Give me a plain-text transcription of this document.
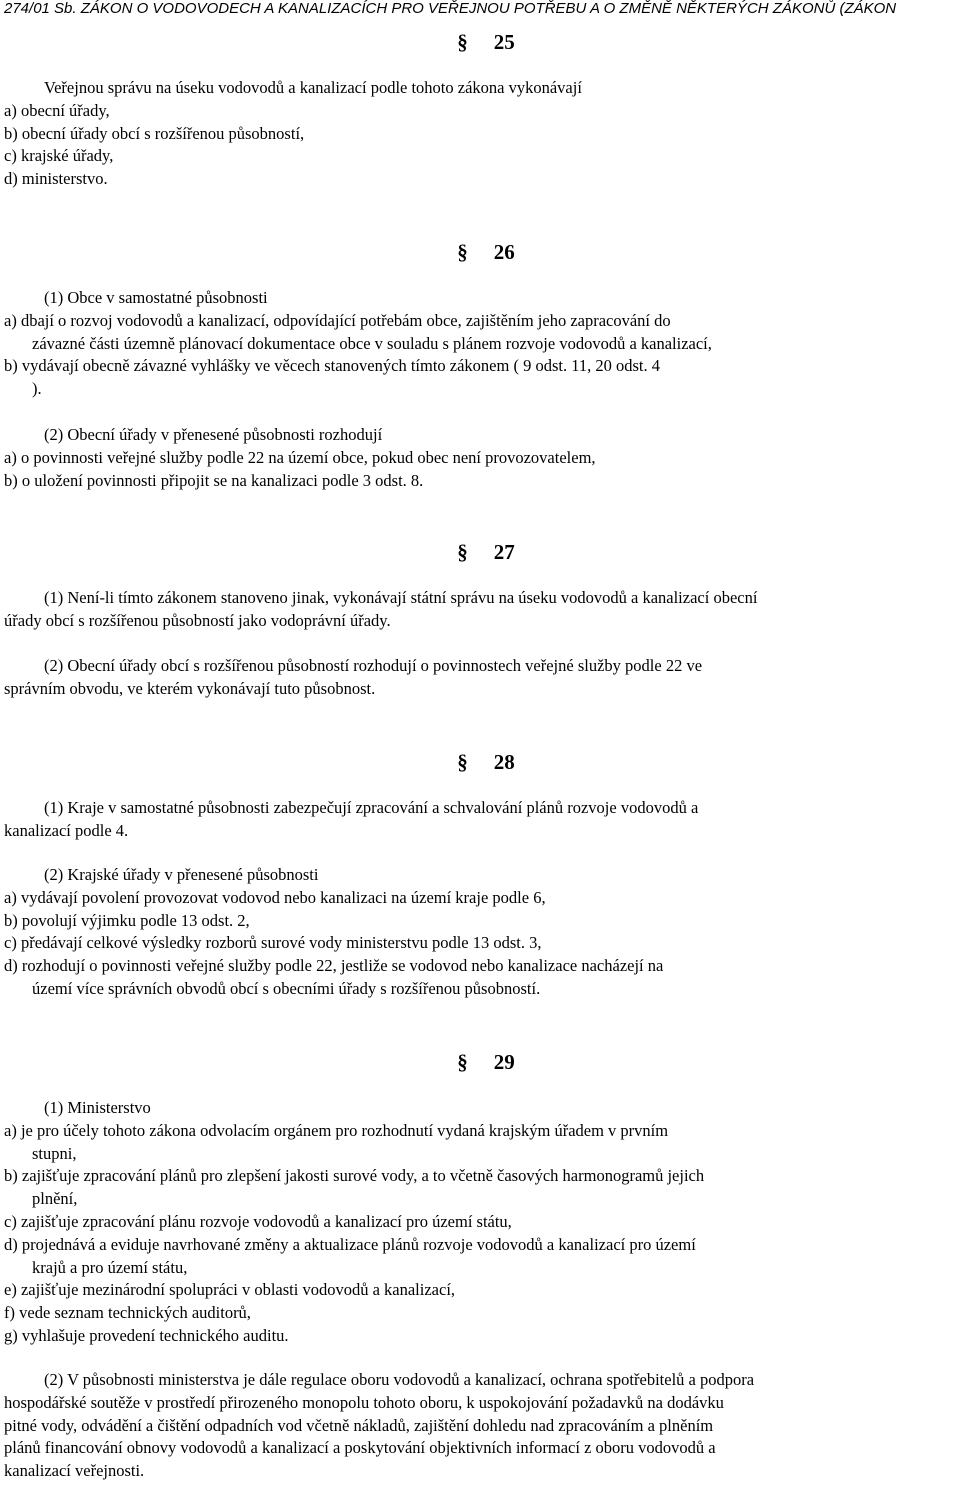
274/01 Sb. ZÁKON O VODOVODECH A KANALIZACÍCH PRO VEŘEJNOU POTŘEBU A O ZMĚNĚ NĚKTERÝCH ZÁKONŮ (ZÁKON
§ 25
Veřejnou správu na úseku vodovodů a kanalizací podle tohoto zákona vykonávají
a) obecní úřady,
b) obecní úřady obcí s rozšířenou působností,
c) krajské úřady,
d) ministerstvo.
§ 26
(1) Obce v samostatné působnosti
a) dbají o rozvoj vodovodů a kanalizací, odpovídající potřebám obce, zajištěním jeho zapracování do
závazné části územně plánovací dokumentace obce v souladu s plánem rozvoje vodovodů a kanalizací,
b) vydávají obecně závazné vyhlášky ve věcech stanovených tímto zákonem ( 9 odst. 11, 20 odst. 4
).
(2) Obecní úřady v přenesené působnosti rozhodují
a) o povinnosti veřejné služby podle 22 na území obce, pokud obec není provozovatelem,
b) o uložení povinnosti připojit se na kanalizaci podle 3 odst. 8.
§ 27
(1) Není-li tímto zákonem stanoveno jinak, vykonávají státní správu na úseku vodovodů a kanalizací obecní
úřady obcí s rozšířenou působností jako vodoprávní úřady.
(2) Obecní úřady obcí s rozšířenou působností rozhodují o povinnostech veřejné služby podle 22 ve
správním obvodu, ve kterém vykonávají tuto působnost.
§ 28
(1) Kraje v samostatné působnosti zabezpečují zpracování a schvalování plánů rozvoje vodovodů a
kanalizací podle 4.
(2) Krajské úřady v přenesené působnosti
a) vydávají povolení provozovat vodovod nebo kanalizaci na území kraje podle 6,
b) povolují výjimku podle 13 odst. 2,
c) předávají celkové výsledky rozborů surové vody ministerstvu podle 13 odst. 3,
d) rozhodují o povinnosti veřejné služby podle 22, jestliže se vodovod nebo kanalizace nacházejí na
území více správních obvodů obcí s obecními úřady s rozšířenou působností.
§ 29
(1) Ministerstvo
a) je pro účely tohoto zákona odvolacím orgánem pro rozhodnutí vydaná krajským úřadem v prvním
stupni,
b) zajišťuje zpracování plánů pro zlepšení jakosti surové vody, a to včetně časových harmonogramů jejich
plnění,
c) zajišťuje zpracování plánu rozvoje vodovodů a kanalizací pro území státu,
d) projednává a eviduje navrhované změny a aktualizace plánů rozvoje vodovodů a kanalizací pro území
krajů a pro území státu,
e) zajišťuje mezinárodní spolupráci v oblasti vodovodů a kanalizací,
f) vede seznam technických auditorů,
g) vyhlašuje provedení technického auditu.
(2) V působnosti ministerstva je dále regulace oboru vodovodů a kanalizací, ochrana spotřebitelů a podpora
hospodářské soutěže v prostředí přirozeného monopolu tohoto oboru, k uspokojování požadavků na dodávku
pitné vody, odvádění a čištění odpadních vod včetně nákladů, zajištění dohledu nad zpracováním a plněním
plánů financování obnovy vodovodů a kanalizací a poskytování objektivních informací z oboru vodovodů a
kanalizací veřejnosti.
